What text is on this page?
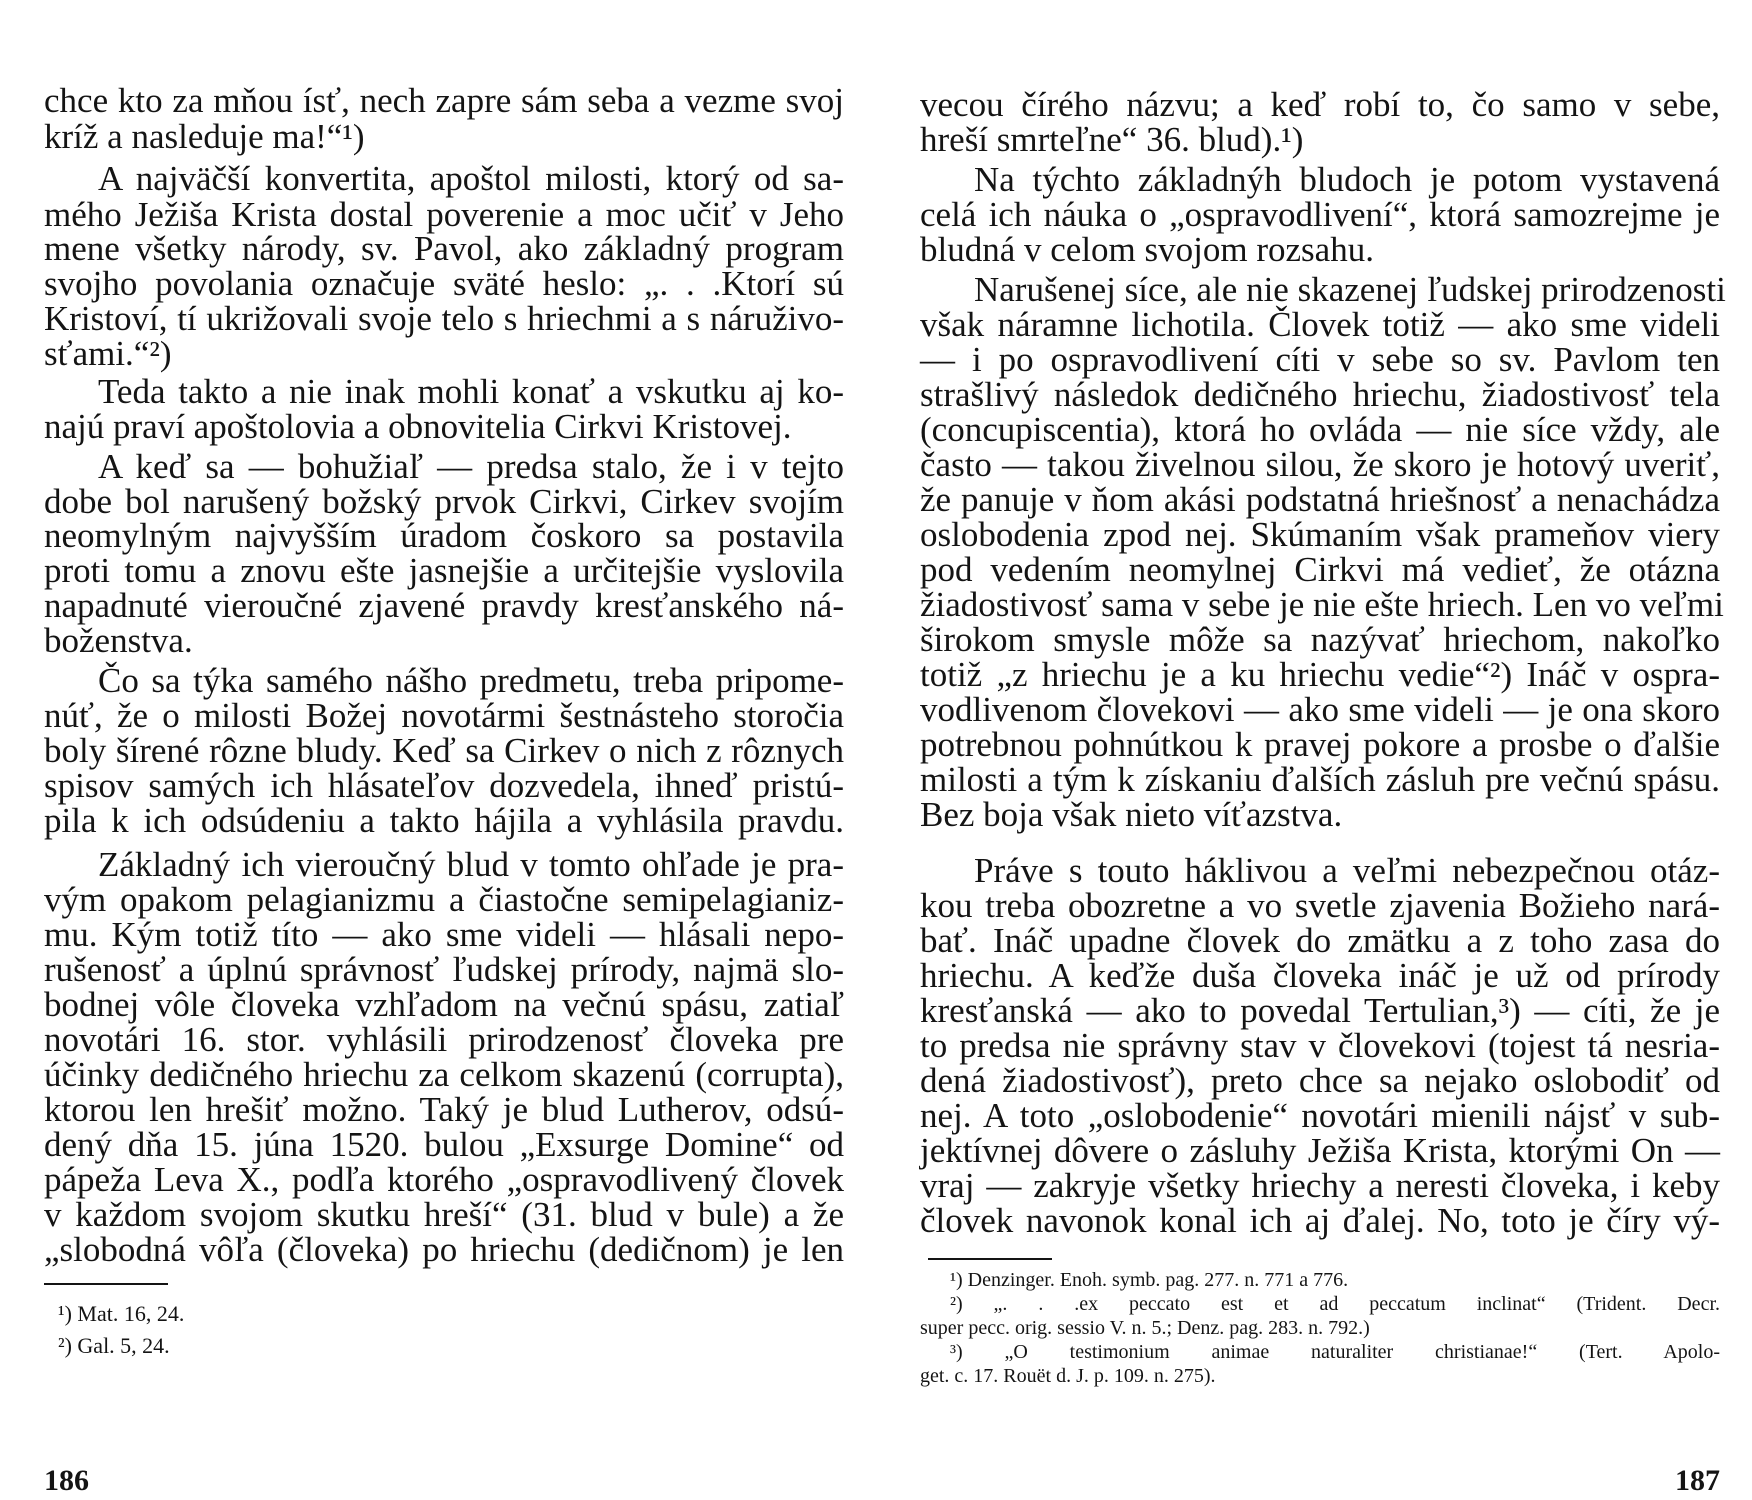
chce kto za mňou ísť, nech zapre sám seba a vezme svoj
kríž a nasleduje ma!“¹)
A najväčší konvertita, apoštol milosti, ktorý od sa-
mého Ježiša Krista dostal poverenie a moc učiť v Jeho
mene všetky národy, sv. Pavol, ako základný program
svojho povolania označuje sväté heslo: „. . .Ktorí sú
Kristoví, tí ukrižovali svoje telo s hriechmi a s náruživo-
sťami.“²)
Teda takto a nie inak mohli konať a vskutku aj ko-
najú praví apoštolovia a obnovitelia Cirkvi Kristovej.
A keď sa — bohužiaľ — predsa stalo, že i v tejto
dobe bol narušený božský prvok Cirkvi, Cirkev svojím
neomylným najvyšším úradom čoskoro sa postavila
proti tomu a znovu ešte jasnejšie a určitejšie vyslovila
napadnuté vieroučné zjavené pravdy kresťanského ná-
boženstva.
Čo sa týka samého nášho predmetu, treba pripome-
núť, že o milosti Božej novotármi šestnásteho storočia
boly šírené rôzne bludy. Keď sa Cirkev o nich z rôznych
spisov samých ich hlásateľov dozvedela, ihneď pristú-
pila k ich odsúdeniu a takto hájila a vyhlásila pravdu.
Základný ich vieroučný blud v tomto ohľade je pra-
vým opakom pelagianizmu a čiastočne semipelagianiz-
mu. Kým totiž títo — ako sme videli — hlásali nepo-
rušenosť a úplnú správnosť ľudskej prírody, najmä slo-
bodnej vôle človeka vzhľadom na večnú spásu, zatiaľ
novotári 16. stor. vyhlásili prirodzenosť človeka pre
účinky dedičného hriechu za celkom skazenú (corrupta),
ktorou len hrešiť možno. Taký je blud Lutherov, odsú-
dený dňa 15. júna 1520. bulou „Exsurge Domine“ od
pápeža Leva X., podľa ktorého „ospravodlivený človek
v každom svojom skutku hreší“ (31. blud v bule) a že
„slobodná vôľa (človeka) po hriechu (dedičnom) je len
¹) Mat. 16, 24.
²) Gal. 5, 24.
186
vecou čírého názvu; a keď robí to, čo samo v sebe,
hreší smrteľne“ 36. blud).¹)
Na týchto základnýh bludoch je potom vystavená
celá ich náuka o „ospravodlivení“, ktorá samozrejme je
bludná v celom svojom rozsahu.
Narušenej síce, ale nie skazenej ľudskej prirodzenosti
však náramne lichotila. Človek totiž — ako sme videli
— i po ospravodlivení cíti v sebe so sv. Pavlom ten
strašlivý následok dedičného hriechu, žiadostivosť tela
(concupiscentia), ktorá ho ovláda — nie síce vždy, ale
často — takou živelnou silou, že skoro je hotový uveriť,
že panuje v ňom akási podstatná hriešnosť a nenachádza
oslobodenia zpod nej. Skúmaním však prameňov viery
pod vedením neomylnej Cirkvi má vedieť, že otázna
žiadostivosť sama v sebe je nie ešte hriech. Len vo veľmi
širokom smysle môže sa nazývať hriechom, nakoľko
totiž „z hriechu je a ku hriechu vedie“²) Ináč v osprа-
vodlivenom človekovi — ako sme videli — je ona skoro
potrebnou pohnútkou k pravej pokore a prosbe o ďalšie
milosti a tým k získaniu ďalších zásluh pre večnú spásu.
Bez boja však nieto víťazstva.
Práve s touto háklivou a veľmi nebezpečnou otáz-
kou treba obozretne a vo svetle zjavenia Božieho nará-
bať. Ináč upadne človek do zmätku a z toho zasa do
hriechu. A keďže duša človeka ináč je už od prírody
kresťanská — ako to povedal Tertulian,³) — cíti, že je
to predsa nie správny stav v človekovi (tojest tá nesria-
dená žiadostivosť), preto chce sa nejako oslobodiť od
nej. A toto „oslobodenie“ novotári mienili nájsť v sub-
jektívnej dôvere o zásluhy Ježiša Krista, ktorými On —
vraj — zakryje všetky hriechy a neresti človeka, i keby
človek navonok konal ich aj ďalej. No, toto je číry vý-
¹) Denzinger. Enoh. symb. pag. 277. n. 771 a 776.
²) „. . .ex peccato est et ad peccatum inclinat“ (Trident. Decr.
super pecc. orig. sessio V. n. 5.; Denz. pag. 283. n. 792.)
³) „O testimonium animae naturaliter christianae!“ (Tert. Apolo-
get. c. 17. Rouët d. J. p. 109. n. 275).
187
